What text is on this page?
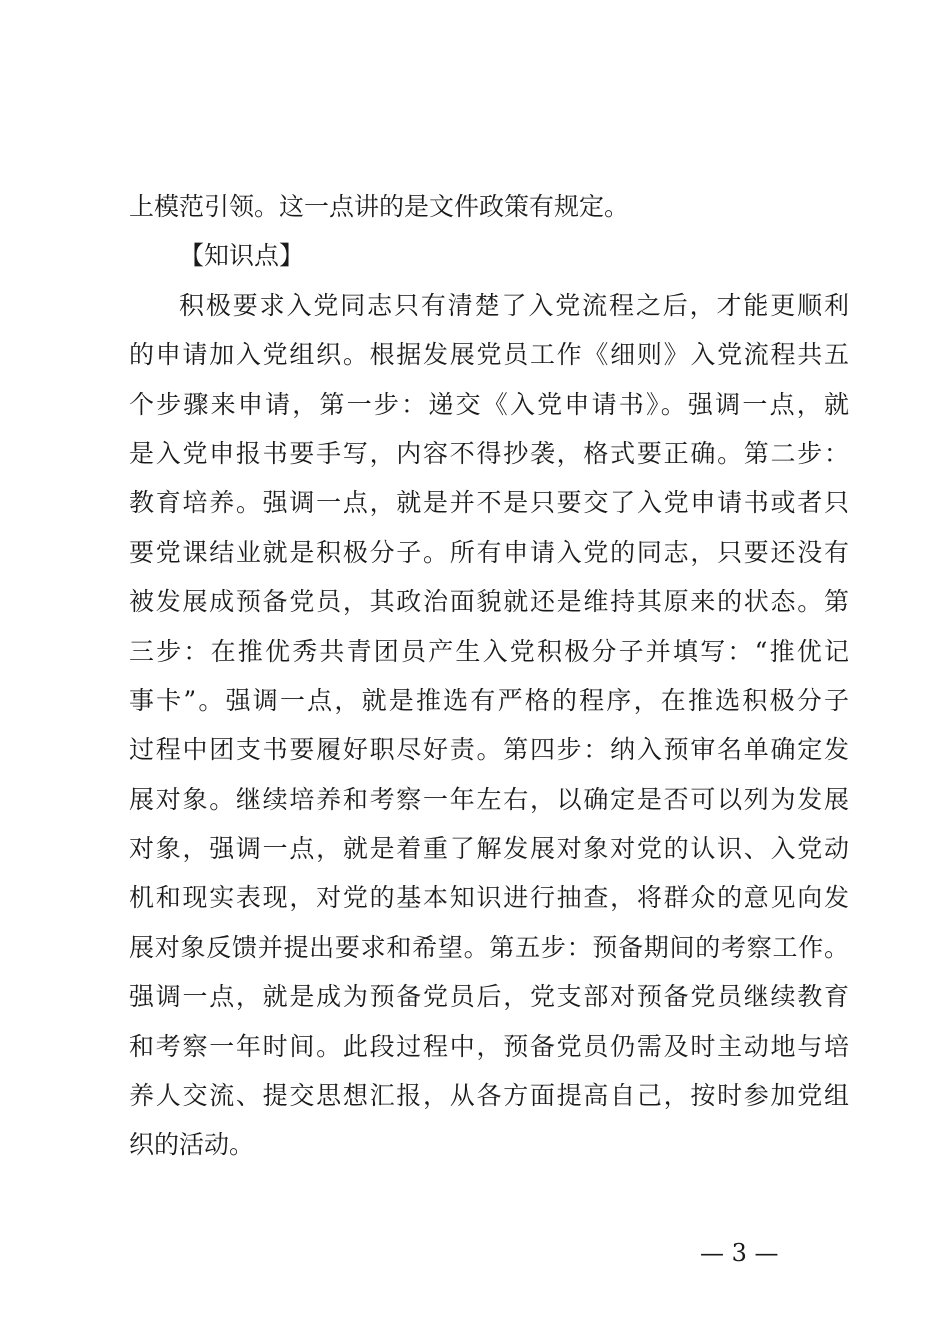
上模范引领。这一点讲的是文件政策有规定。
【知识点】
积极要求入党同志只有清楚了入党流程之后，才能更顺利
的申请加入党组织。根据发展党员工作《细则》入党流程共五
个步骤来申请，第一步：递交《入党申请书》。强调一点，就
是入党申报书要手写，内容不得抄袭，格式要正确。第二步：
教育培养。强调一点，就是并不是只要交了入党申请书或者只
要党课结业就是积极分子。所有申请入党的同志，只要还没有
被发展成预备党员，其政治面貌就还是维持其原来的状态。第
三步：在推优秀共青团员产生入党积极分子并填写：“推优记
事卡”。强调一点，就是推选有严格的程序，在推选积极分子
过程中团支书要履好职尽好责。第四步：纳入预审名单确定发
展对象。继续培养和考察一年左右，以确定是否可以列为发展
对象，强调一点，就是着重了解发展对象对党的认识、入党动
机和现实表现，对党的基本知识进行抽查，将群众的意见向发
展对象反馈并提出要求和希望。第五步：预备期间的考察工作。
强调一点，就是成为预备党员后，党支部对预备党员继续教育
和考察一年时间。此段过程中，预备党员仍需及时主动地与培
养人交流、提交思想汇报，从各方面提高自己，按时参加党组
织的活动。
— 3 —
